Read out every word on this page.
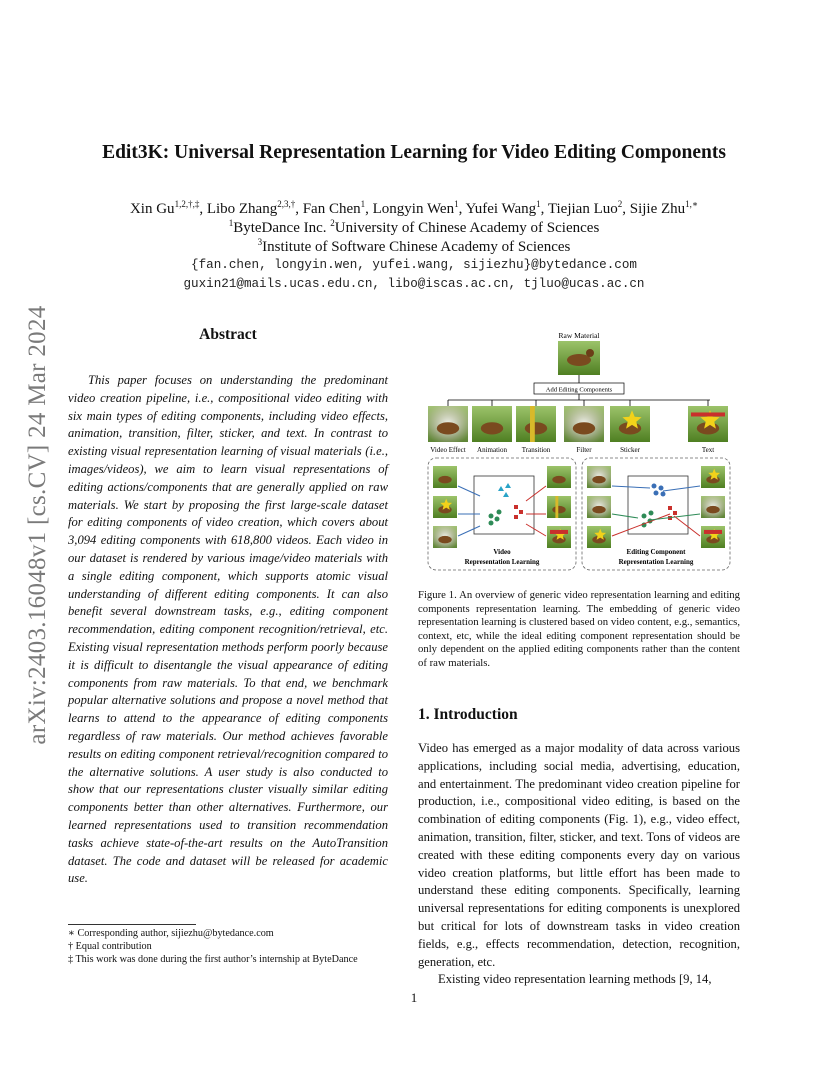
arXiv:2403.16048v1 [cs.CV] 24 Mar 2024
Edit3K: Universal Representation Learning for Video Editing Components
Xin $Gu^{1,2,\dagger,\ddagger}$, Libo Zhang$^{2,3,\dagger}$, Fan Chen$^1$, Longyin Wen$^1$, Yufei Wang$^1$, Tiejian Luo$^2$, Sijie Zhu$^{1,∗}$
$^1$ByteDance Inc. $^2$University of Chinese Academy of Sciences
$^3$Institute of Software Chinese Academy of Sciences
{fan.chen, longyin.wen, yufei.wang, sijiezhu}@bytedance.com
guxin21@mails.ucas.edu.cn, libo@iscas.ac.cn, tjluo@ucas.ac.cn
Abstract

This paper focuses on understanding the predominant video creation pipeline, i.e., compositional video editing with six main types of editing components, including video effects, animation, transition, filter, sticker, and text. In contrast to existing visual representation learning of visual materials (i.e., images/videos), we aim to learn visual representations of editing actions/components that are generally applied on raw materials. We start by proposing the first large-scale dataset for editing components of video creation, which covers about 3,094 editing components with 618,800 videos. Each video in our dataset is rendered by various image/video materials with a single editing component, which supports atomic visual understanding of different editing components. It can also benefit several downstream tasks, e.g., editing component recommendation, editing component recognition/retrieval, etc. Existing visual representation methods perform poorly because it is difficult to disentangle the visual appearance of editing components from raw materials. To that end, we benchmark popular alternative solutions and propose a novel method that learns to attend to the appearance of editing components regardless of raw materials. Our method achieves favorable results on editing component retrieval/recognition compared to the alternative solutions. A user study is also conducted to show that our representations cluster visually similar editing components better than other alternatives. Furthermore, our learned representations used to transition recommendation tasks achieve state-of-the-art results on the AutoTransition dataset. The code and dataset will be released for academic use.

∗ Corresponding author, sijiezhu@bytedance.com
† Equal contribution
‡ This work was done during the first author’s internship at ByteDance
Raw Material
Add Editing Components
Video Effect Animation Transition	Filter	Sticker	Text
Video
Representation Learning
Editing Component
Representation Learning
Figure 1. An overview of generic video representation learning and editing components representation learning. The embedding of generic video representation learning is clustered based on video content, e.g., semantics, context, etc, while the ideal editing component representation should be only dependent on the applied editing components rather than the content of raw materials.
1. Introduction

Video has emerged as a major modality of data across various applications, including social media, advertising, education, and entertainment. The predominant video creation pipeline for production, i.e., compositional video editing, is based on the combination of editing components (Fig. 1), e.g., video effect, animation, transition, filter, sticker, and text. Tons of videos are created with these editing components every day on various video creation platforms, but little effort has been made to understand these editing components. Specifically, learning universal representations for editing components is unexplored but critical for lots of downstream tasks in video creation fields, e.g., effects recommendation, detection, recognition, generation, etc.

Existing video representation learning methods [9, 14,

1
